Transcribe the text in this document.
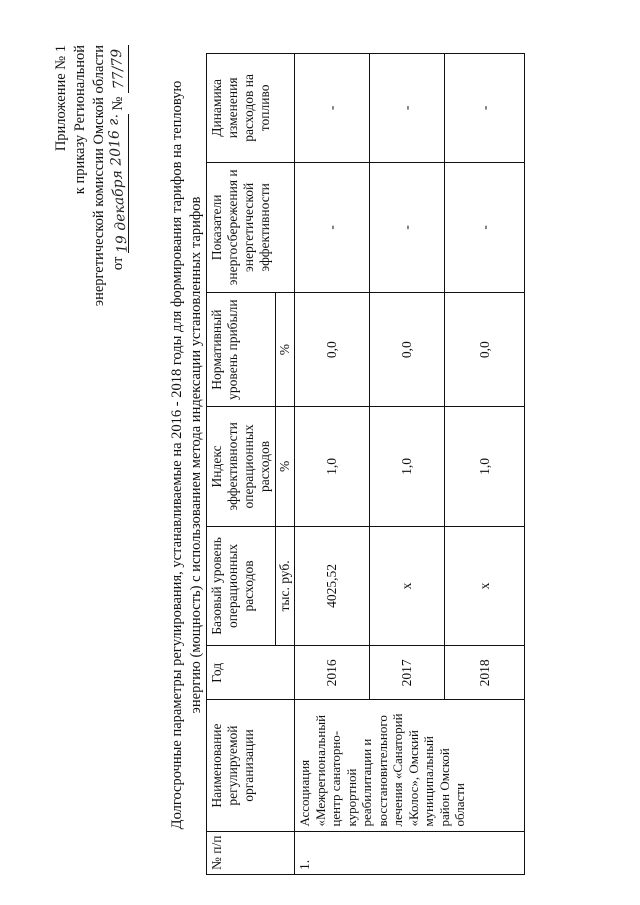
Приложение № 1 к приказу Региональной энергетической комиссии Омской области от 19 декабря 2016 г. № 77/79
Долгосрочные параметры регулирования, устанавливаемые на 2016 - 2018 годы для формирования тарифов на тепловую энергию (мощность) с использованием метода индексации установленных тарифов
№ п/п	Наименование регулируемой организации	Год	Базовый уровень операционных расходов	Индекс эффективности операционных расходов	Нормативный уровень прибыли	Показатели энергосбережения и энергетической эффективности	Динамика изменения расходов на топливо
			тыс. руб.	%	%		
1.	Ассоциация «Межрегиональный центр санаторно-курортной реабилитации и восстановительного лечения «Санаторий «Колос», Омский муниципальный район Омской области	2016	4025,52	1,0	0,0	-	-
		2017	х	1,0	0,0	-	-
		2018	х	1,0	0,0	-	-
